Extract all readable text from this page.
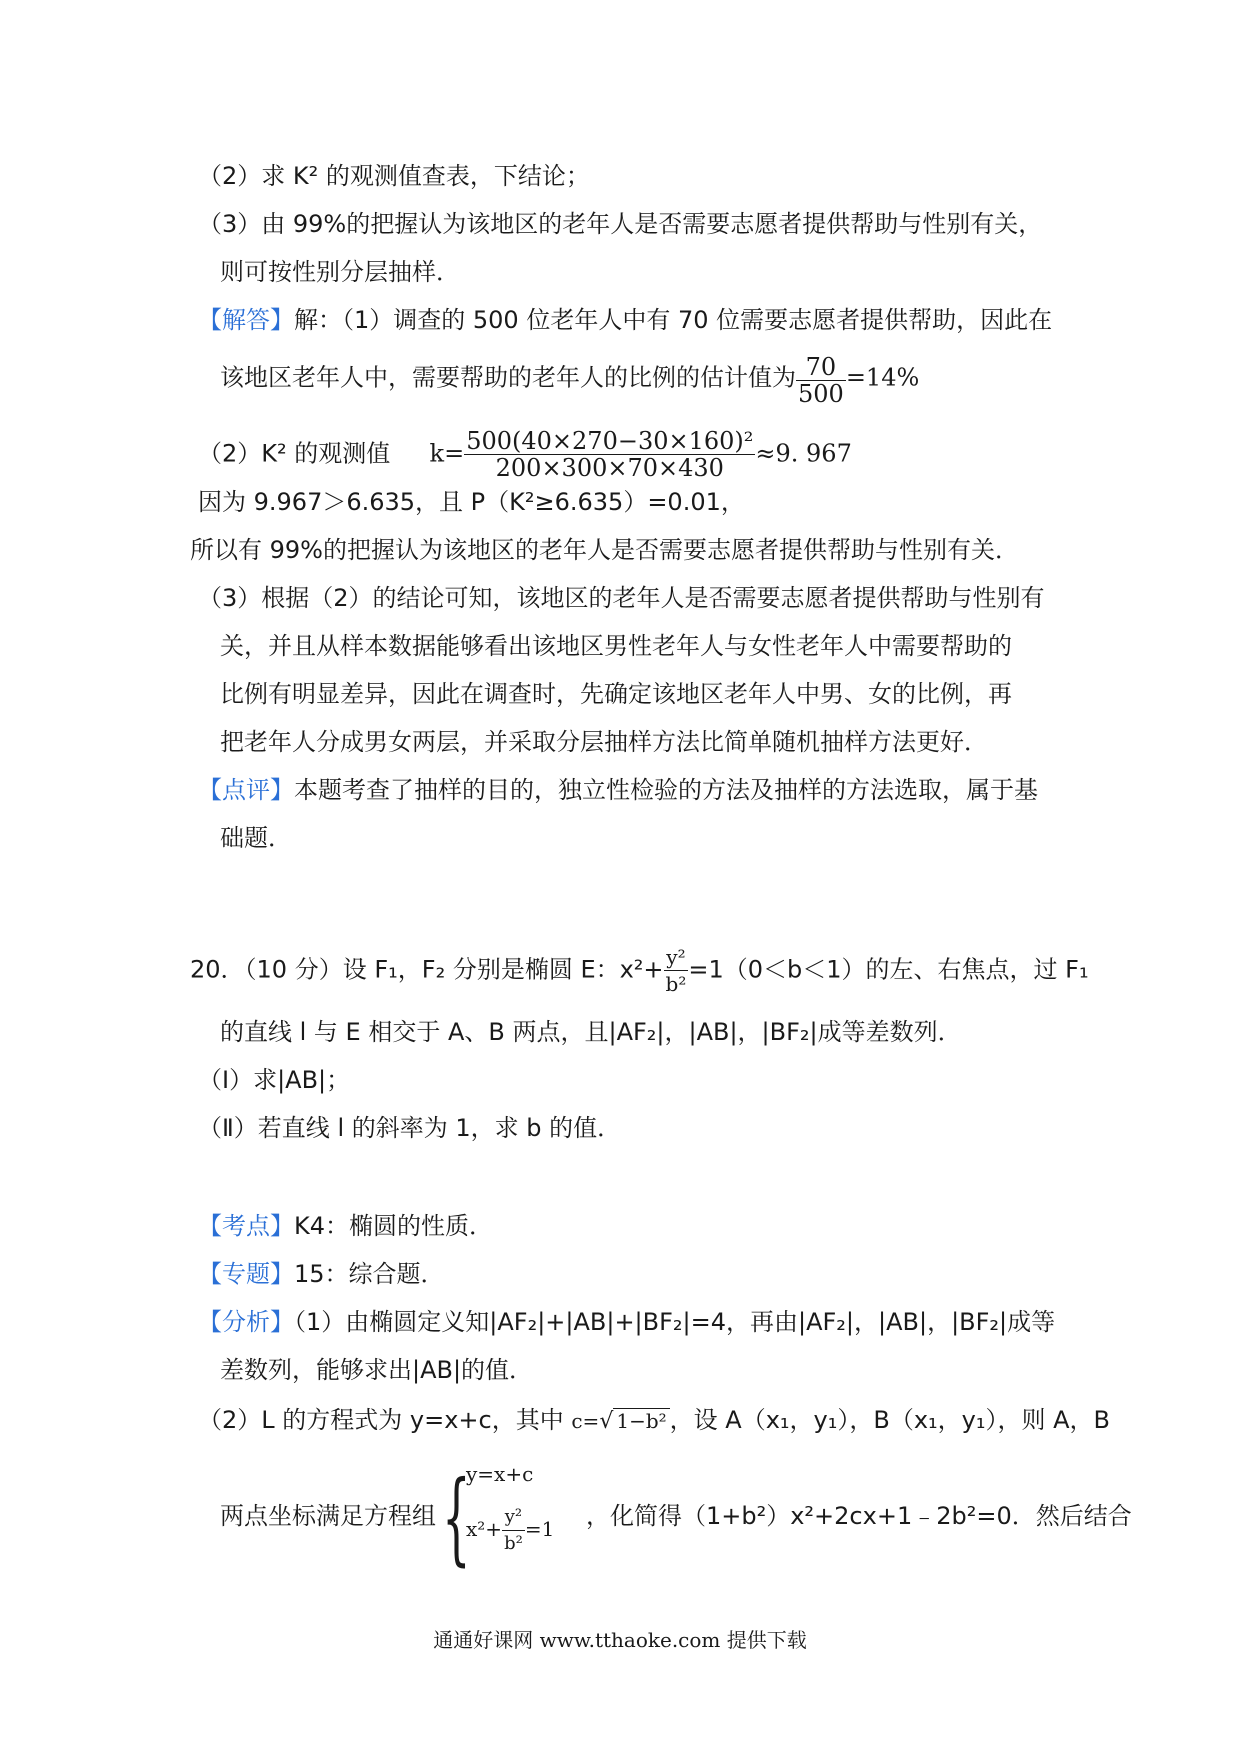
（2）求 K² 的观测值查表，下结论；
（3）由 99%的把握认为该地区的老年人是否需要志愿者提供帮助与性别有关，
则可按性别分层抽样．
【解答】解：（1）调查的 500 位老年人中有 70 位需要志愿者提供帮助，因此在
该地区老年人中，需要帮助的老年人的比例的估计值为 $\frac{70}{500} =14\%$
（2）K² 的观测值 $k= \frac{\text{500(40×270−30×160)²}}{200\times 300\times 70\times 430} \approx 9$. 967
因为 9.967＞6.635，且 P（K²≥6.635）=0.01，
所以有 99%的把握认为该地区的老年人是否需要志愿者提供帮助与性别有关．
（3）根据（2）的结论可知，该地区的老年人是否需要志愿者提供帮助与性别有
关，并且从样本数据能够看出该地区男性老年人与女性老年人中需要帮助的
比例有明显差异，因此在调查时，先确定该地区老年人中男、女的比例，再
把老年人分成男女两层，并采取分层抽样方法比简单随机抽样方法更好．
【点评】本题考查了抽样的目的，独立性检验的方法及抽样的方法选取，属于基
础题．
20．（10 分）设 F₁，F₂ 分别是椭圆 E：$x^2+ \frac{\text{y²}}{\text{b²}} =1(0<b<1)$的左、右焦点，过 F₁
的直线 l 与 E 相交于 A、B 两点，且|AF₂|，|AB|，|BF₂|成等差数列．
（Ⅰ）求|AB|；
（Ⅱ）若直线 l 的斜率为 1，求 b 的值．
【考点】K4：椭圆的性质．
【专题】15：综合题．
【分析】（1）由椭圆定义知|AF₂|+|AB|+|BF₂|=4，再由|AF₂|，|AB|，|BF₂|成等
差数列，能够求出|AB|的值．
（2）L 的方程式为 y=x+c，其中 c=√ 1−b² ，设 A（x₁，y₁），B（x₁，y₁），则 A，B
两点坐标满足方程组 {
y=x+c
$x^2+ \frac{\text{y²}}{\text{b²}} =1$ ，化简得（1+b²）x²+2cx+1﹣2b²=0．然后结合
通通好课网 www.tthaoke.com 提供下载
